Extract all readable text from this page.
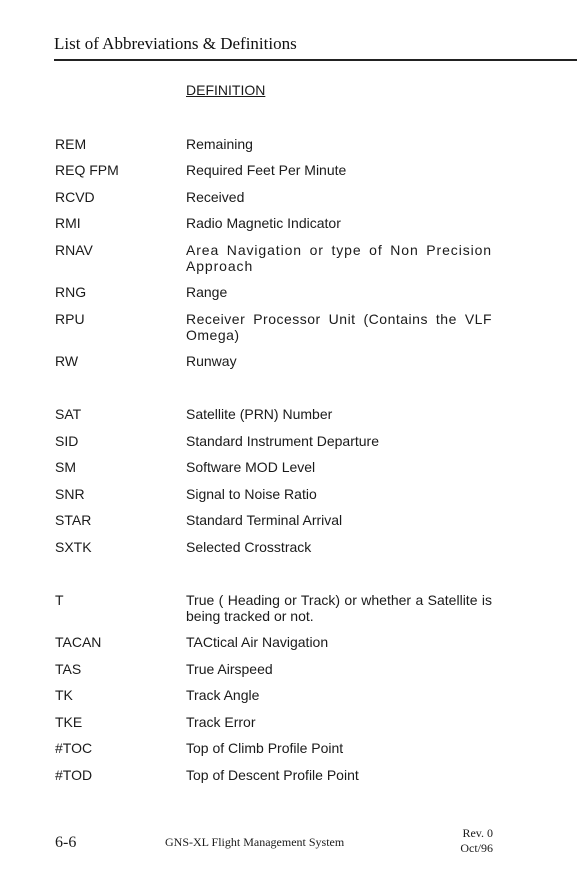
List of Abbreviations & Definitions
DEFINITION
REM	Remaining
REQ FPM	Required Feet Per Minute
RCVD	Received
RMI	Radio Magnetic Indicator
RNAV	Area Navigation or type of Non Precision Approach
RNG	Range
RPU	Receiver Processor Unit (Contains the VLF Omega)
RW	Runway
SAT	Satellite (PRN) Number
SID	Standard Instrument Departure
SM	Software MOD Level
SNR	Signal to Noise Ratio
STAR	Standard Terminal Arrival
SXTK	Selected Crosstrack
T	True ( Heading or Track) or whether a Satellite is being tracked or not.
TACAN	TACtical Air Navigation
TAS	True Airspeed
TK	Track Angle
TKE	Track Error
#TOC	Top of Climb Profile Point
#TOD	Top of Descent Profile Point
6-6	GNS-XL Flight Management System
Rev. 0
Oct/96
